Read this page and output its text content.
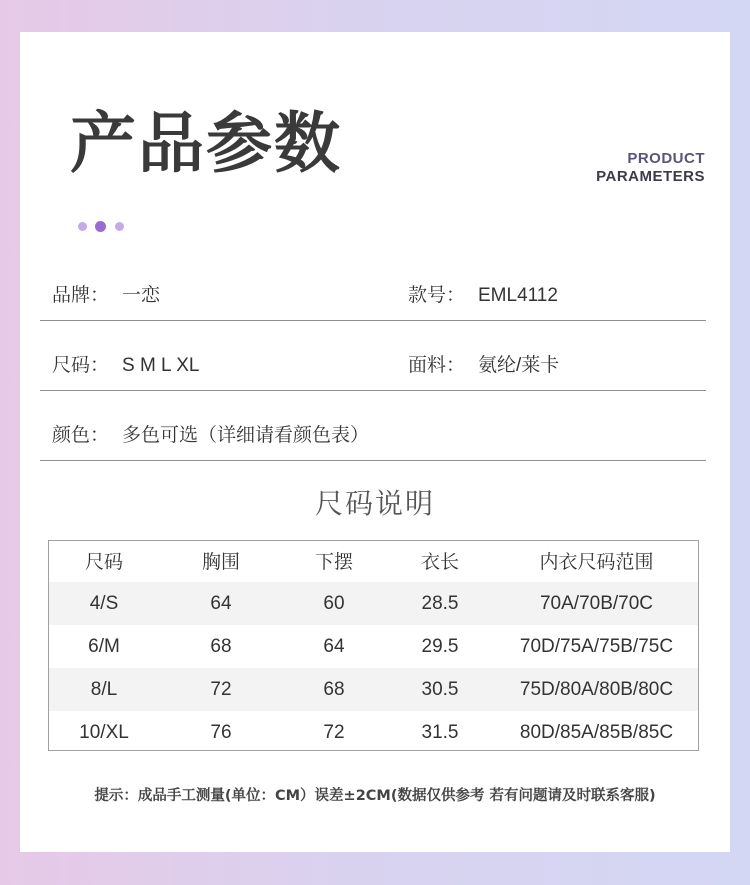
产品参数	PRODUCT
PARAMETERS
品牌： 一恋	款号： EML4112
尺码： S M L XL	面料： 氨纶/莱卡
颜色： 多色可选（详细请看颜色表）
尺码说明
尺码	胸围	下摆	衣长	内衣尺码范围
4/S	64	60	28.5	70A/70B/70C
6/M	68	64	29.5	70D/75A/75B/75C
8/L	72	68	30.5	75D/80A/80B/80C
10/XL	76	72	31.5	80D/85A/85B/85C
提示：成品手工测量(单位：CM）误差±2CM(数据仅供参考 若有问题请及时联系客服)
